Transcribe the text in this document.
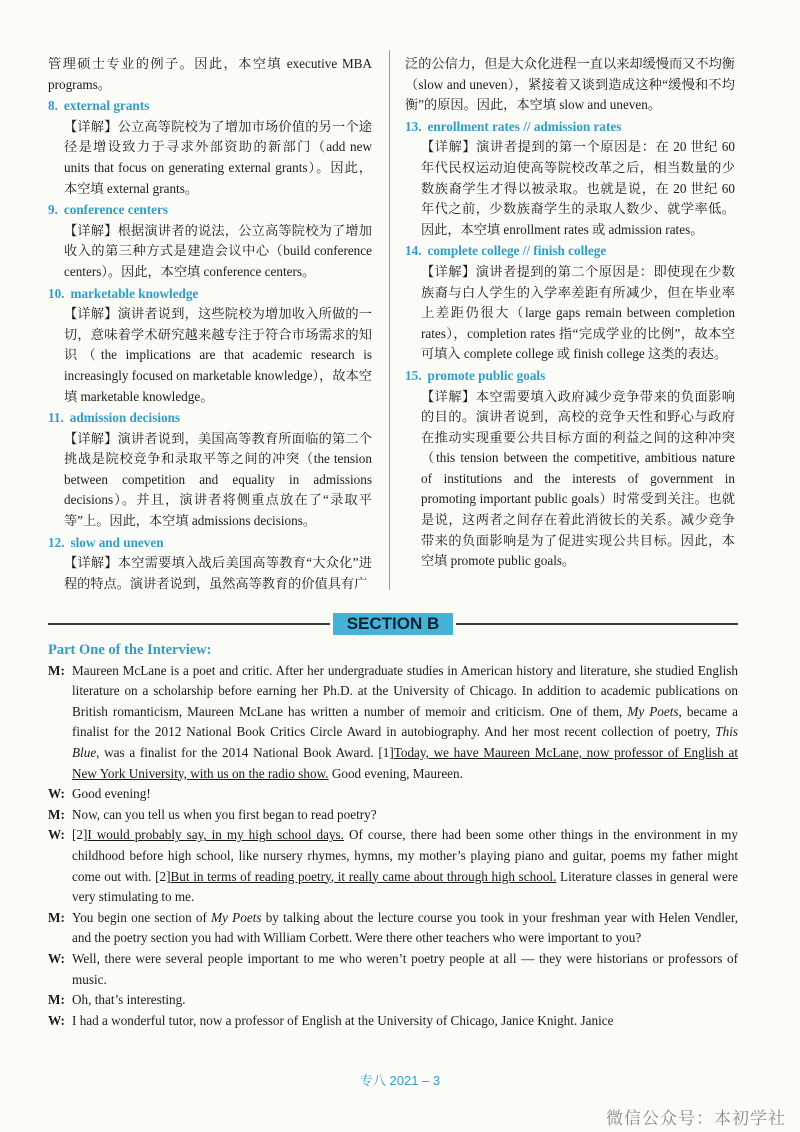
管理硕士专业的例子。因此，本空填 executive MBA programs。

8. external grants

【详解】公立高等院校为了增加市场价值的另一个途径是增设致力于寻求外部资助的新部门（add new units that focus on generating external grants）。因此，本空填 external grants。

9. conference centers

【详解】根据演讲者的说法，公立高等院校为了增加收入的第三种方式是建造会议中心（build conference centers）。因此，本空填 conference centers。

10. marketable knowledge

【详解】演讲者说到，这些院校为增加收入所做的一切，意味着学术研究越来越专注于符合市场需求的知识（the implications are that academic research is increasingly focused on marketable knowledge），故本空填 marketable knowledge。

11. admission decisions

【详解】演讲者说到，美国高等教育所面临的第二个挑战是院校竞争和录取平等之间的冲突（the tension between competition and equality in admissions decisions）。并且，演讲者将侧重点放在了“录取平等”上。因此，本空填 admissions decisions。

12. slow and uneven

【详解】本空需要填入战后美国高等教育“大众化”进程的特点。演讲者说到，虽然高等教育的价值具有广

泛的公信力，但是大众化进程一直以来却缓慢而又不均衡（slow and uneven），紧接着又谈到造成这种“缓慢和不均衡”的原因。因此，本空填 slow and uneven。

13. enrollment rates // admission rates

【详解】演讲者提到的第一个原因是：在 20 世纪 60 年代民权运动迫使高等院校改革之后，相当数量的少数族裔学生才得以被录取。也就是说，在 20 世纪 60 年代之前，少数族裔学生的录取人数少、就学率低。因此，本空填 enrollment rates 或 admission rates。

14. complete college // finish college

【详解】演讲者提到的第二个原因是：即使现在少数族裔与白人学生的入学率差距有所减少，但在毕业率上差距仍很大（large gaps remain between completion rates），completion rates 指“完成学业的比例”，故本空可填入 complete college 或 finish college 这类的表达。

15. promote public goals

【详解】本空需要填入政府减少竞争带来的负面影响的目的。演讲者说到，高校的竞争天性和野心与政府在推动实现重要公共目标方面的利益之间的这种冲突（this tension between the competitive, ambitious nature of institutions and the interests of government in promoting important public goals）时常受到关注。也就是说，这两者之间存在着此消彼长的关系。减少竞争带来的负面影响是为了促进实现公共目标。因此，本空填 promote public goals。

SECTION B
Part One of the Interview:
M: Maureen McLane is a poet and critic. After her undergraduate studies in American history and literature, she studied English literature on a scholarship before earning her Ph.D. at the University of Chicago. In addition to academic publications on British romanticism, Maureen McLane has written a number of memoir and criticism. One of them, My Poets, became a finalist for the 2012 National Book Critics Circle Award in autobiography. And her most recent collection of poetry, This Blue, was a finalist for the 2014 National Book Award. [1]Today, we have Maureen McLane, now professor of English at New York University, with us on the radio show. Good evening, Maureen.
W: Good evening!
M: Now, can you tell us when you first began to read poetry?
W: [2]I would probably say, in my high school days. Of course, there had been some other things in the environment in my childhood before high school, like nursery rhymes, hymns, my mother’s playing piano and guitar, poems my father might come out with. [2]But in terms of reading poetry, it really came about through high school. Literature classes in general were very stimulating to me.
M: You begin one section of My Poets by talking about the lecture course you took in your freshman year with Helen Vendler, and the poetry section you had with William Corbett. Were there other teachers who were important to you?
W: Well, there were several people important to me who weren’t poetry people at all — they were historians or professors of music.
M: Oh, that’s interesting.
W: I had a wonderful tutor, now a professor of English at the University of Chicago, Janice Knight. Janice
专八 2021 – 3
微信公众号：本初学社
